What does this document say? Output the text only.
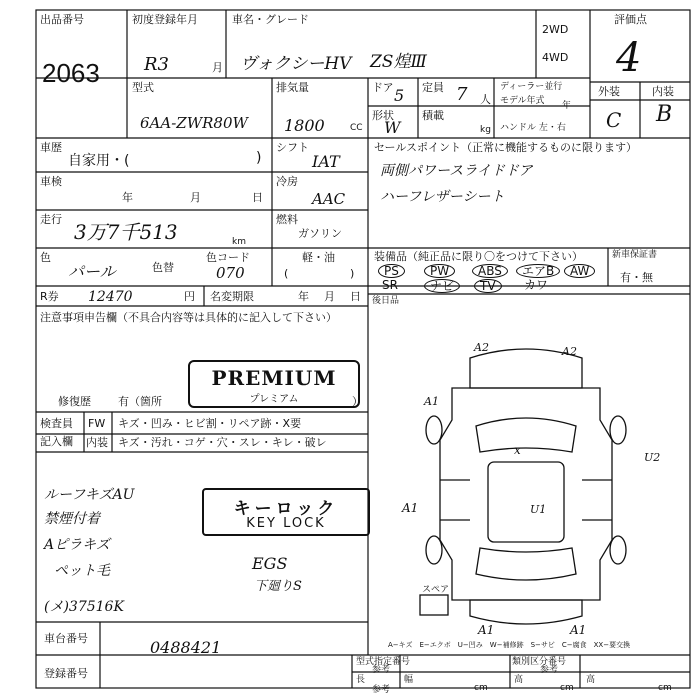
出品番号
2063
初度登録年月
R3	月
車名・グレード
ヴォクシーHV ZS煌Ⅲ
2WD
4WD
評価点
4
型式
6AA-ZWR80W
排気量
1800	CC
ドア 5 定員 7 人
形状
W
積載
kg
ディーラー並行
モデル年式	年
ハンドル 左・右
外装	内装
C B
車歴
自家用・(	)
シフト
IAT
セールスポイント（正常に機能するものに限ります）
両側パワースライドドア
ハーフレザーシート
車検
年	月	日
冷房
AAC
走行
3万7千513	km
燃料
ガソリン
色
パール	色替
色コード
070
軽・油
(	)
装備品（純正品に限り〇をつけて下さい）
PS	PW	ABS	エアB	AW
SR	ナビ	TV	カワ
新車保証書
有・無
後日品
R券 12470	円 名変期限	年 月 日
注意事項申告欄（不具合内容等は具体的に記入して下さい）
PREMIUM
プレミアム
修復歴 有（箇所	）
検査員
記入欄
FW キズ・凹み・ヒビ割・リペア跡・X要
内装 キズ・汚れ・コゲ・穴・スレ・キレ・破レ
ルーフキズAU
禁煙付着
Aピラキズ
ペット毛
キーロック
KEY LOCK
EGS
下廻りS
(メ)37516K
A2	A2
A1
U2
A1	U1
x
A1	A1
スペア
A−キズ　E−エクボ　U−凹み　W−補修跡　S−サビ　C−腐食　XX−要交換
車台番号	0488421
登録番号
型式指定番号
参考
類別区分番号
参考
長
参考
幅
cm
高
cm
高
cm
